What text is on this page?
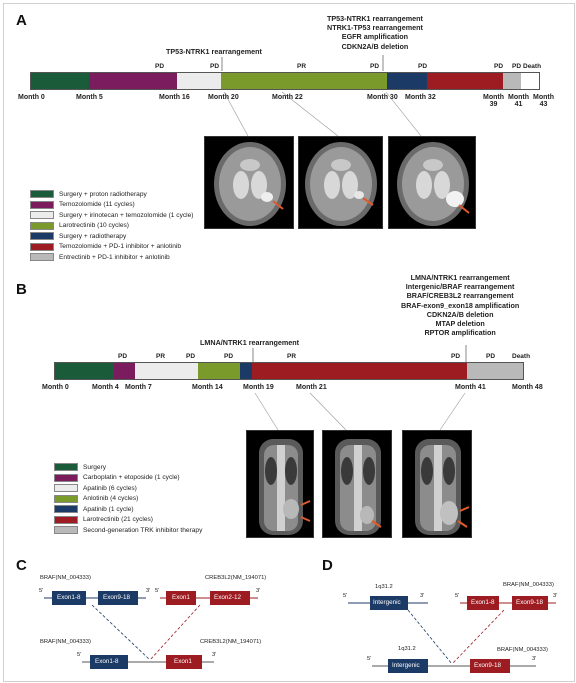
A
TP53-NTRK1 rearrangement
TP53-NTRK1 rearrangement
NTRK1-TP53 rearrangement
EGFR amplification
CDKN2A/B deletion
PD	PD	PR	PD	PD	PD PD Death
Month 0	Month 5	Month 16	Month 20	Month 22	Month 30 Month 32	Month
39
Month
41
Month
43
Surgery + proton radiotherapy
Temozolomide (11 cycles)
Surgery + irinotecan + temozolomide (1 cycle)
Larotrectinib (10 cycles)
Surgery + radiotherapy
Temozolomide + PD-1 inhibitor + anlotinib
Entrectinib + PD-1 inhibitor + anlotinib
B
LMNA/NTRK1 rearrangement
Intergenic/BRAF rearrangement
BRAF/CREB3L2 rearrangement
BRAF-exon9_exon18 amplification
CDKN2A/B deletion
MTAP deletion
RPTOR amplification
LMNA/NTRK1 rearrangement
PD	PR	PD	PD	PR	PD	PD	Death
Month 0	Month 4 Month 7	Month 14	Month 19	Month 21	Month 41	Month 48
Surgery
Carboplatin + etoposide (1 cycle)
Apatinib (6 cycles)
Anlotinib (4 cycles)
Apatinib (1 cycle)
Larotrectinib (21 cycles)
Second-generation TRK inhibitor therapy
C
BRAF(NM_004333)	CREB3L2(NM_194071)
BRAF(NM_004333)	CREB3L2(NM_194071)
Exon1-8	Exon9-18	Exon1	Exon2-12
Exon1-8	Exon1
5'	3' 5'	3'
5'	3'
D
1q31.2	BRAF(NM_004333)
1q31.2	BRAF(NM_004333)
Intergenic	Exon1-8	Exon9-18
Intergenic	Exon9-18
5'	3'	5'	3'
5'	3'
